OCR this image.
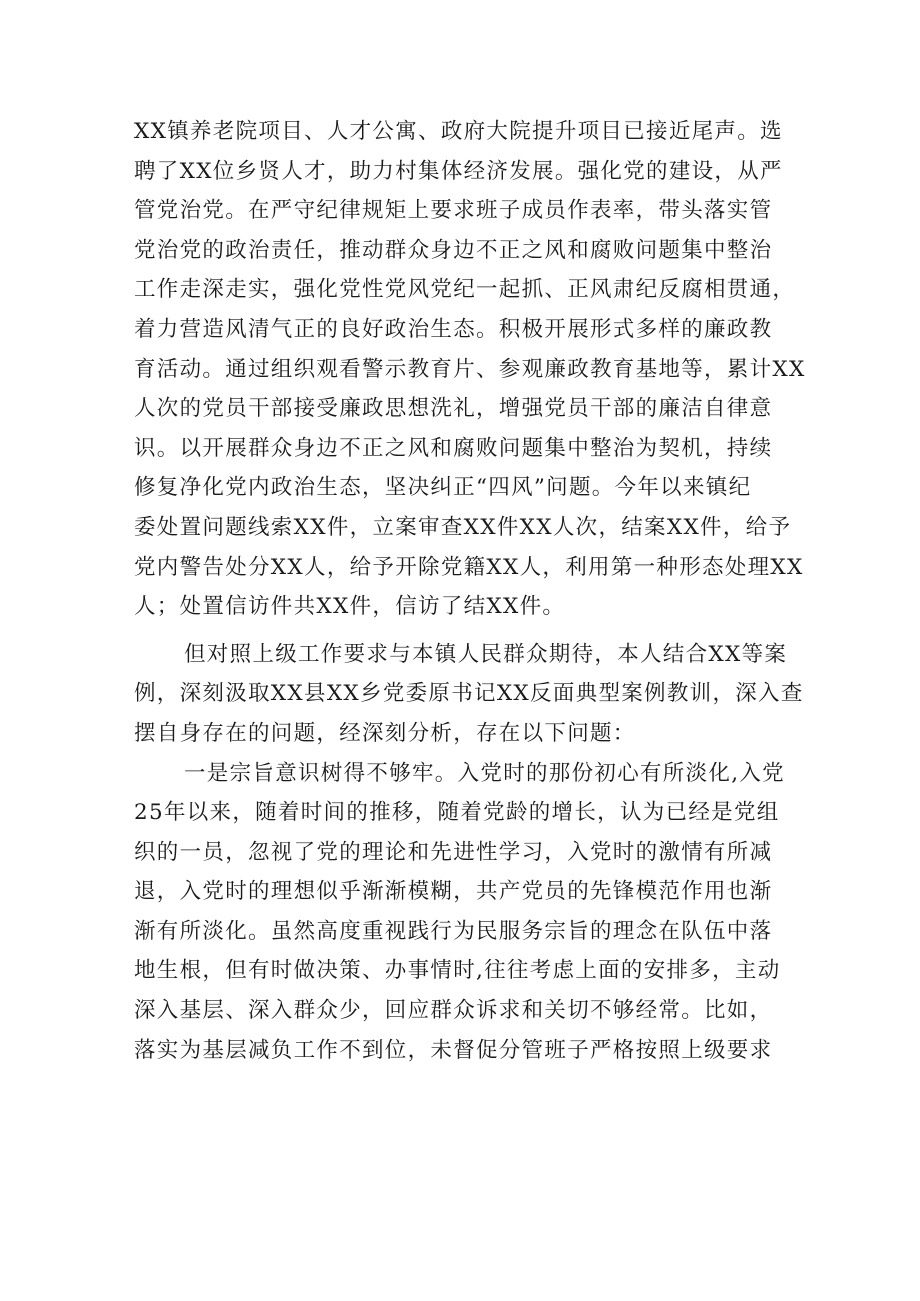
XX镇养老院项目、人才公寓、政府大院提升项目已接近尾声。选
聘了XX位乡贤人才，助力村集体经济发展。强化党的建设，从严
管党治党。在严守纪律规矩上要求班子成员作表率，带头落实管
党治党的政治责任，推动群众身边不正之风和腐败问题集中整治
工作走深走实，强化党性党风党纪一起抓、正风肃纪反腐相贯通，
着力营造风清气正的良好政治生态。积极开展形式多样的廉政教
育活动。通过组织观看警示教育片、参观廉政教育基地等，累计XX
人次的党员干部接受廉政思想洗礼，增强党员干部的廉洁自律意
识。以开展群众身边不正之风和腐败问题集中整治为契机，持续
修复净化党内政治生态，坚决纠正“四风”问题。今年以来镇纪
委处置问题线索XX件，立案审查XX件XX人次，结案XX件，给予
党内警告处分XX人，给予开除党籍XX人，利用第一种形态处理XX
人；处置信访件共XX件，信访了结XX件。
但对照上级工作要求与本镇人民群众期待，本人结合XX等案
例，深刻汲取XX县XX乡党委原书记XX反面典型案例教训，深入查
摆自身存在的问题，经深刻分析，存在以下问题：
一是宗旨意识树得不够牢。入党时的那份初心有所淡化,入党
25年以来，随着时间的推移，随着党龄的增长，认为已经是党组
织的一员，忽视了党的理论和先进性学习，入党时的激情有所减
退，入党时的理想似乎渐渐模糊，共产党员的先锋模范作用也渐
渐有所淡化。虽然高度重视践行为民服务宗旨的理念在队伍中落
地生根，但有时做决策、办事情时,往往考虑上面的安排多，主动
深入基层、深入群众少，回应群众诉求和关切不够经常。比如，
落实为基层减负工作不到位，未督促分管班子严格按照上级要求
